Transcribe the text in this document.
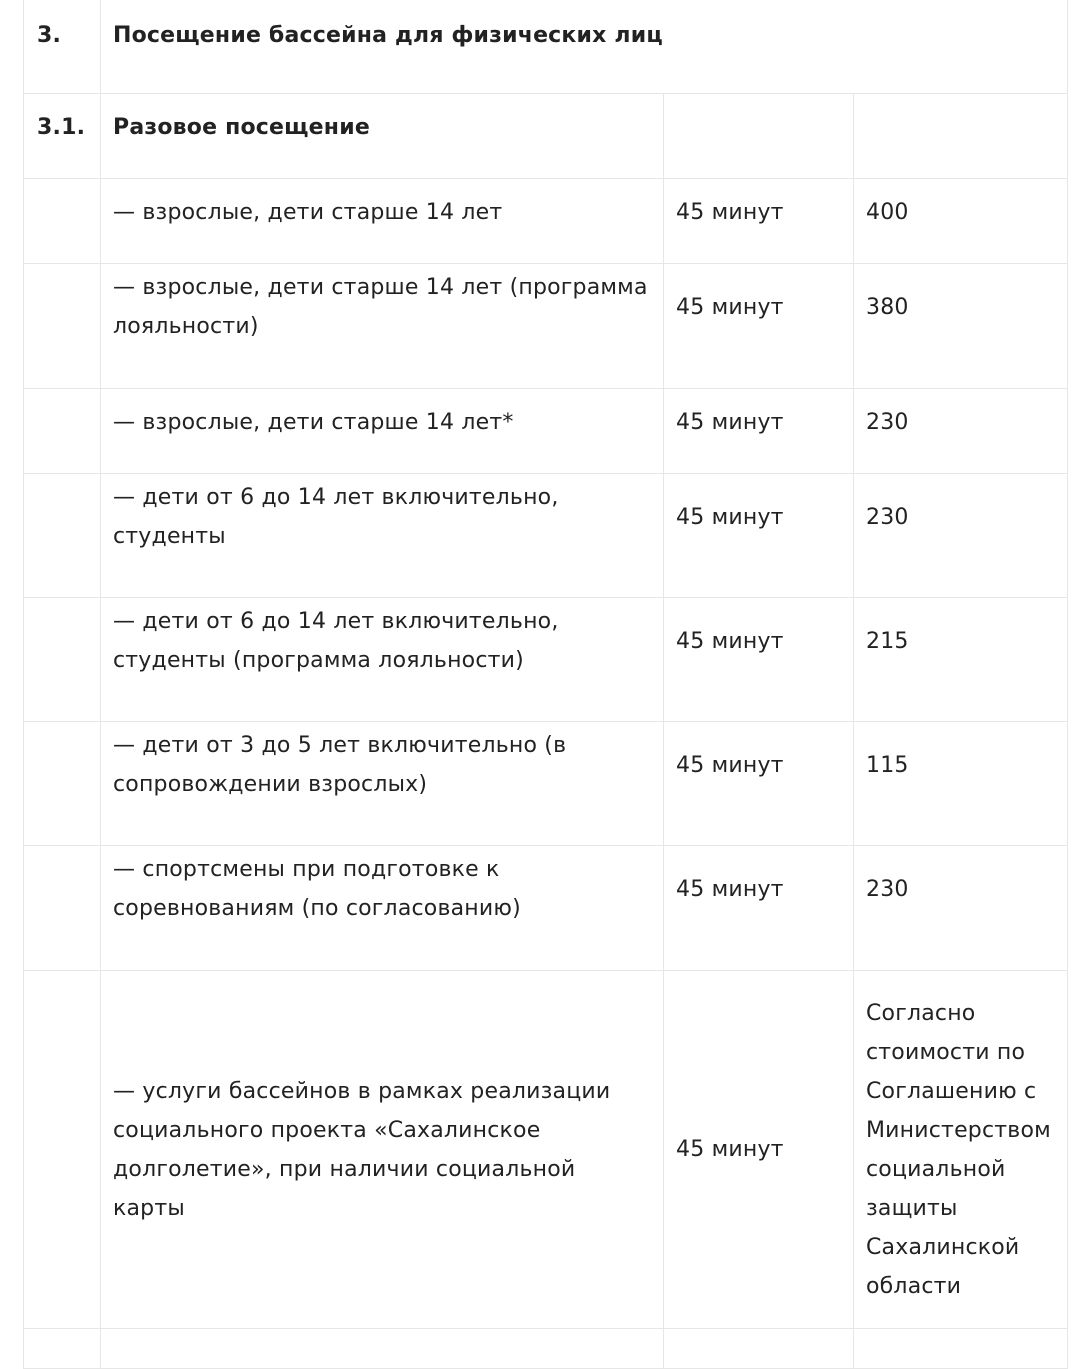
3.	Посещение бассейна для физических лиц		
3.1.	Разовое посещение		
	— взрослые, дети старше 14 лет	45 минут	400
	— взрослые, дети старше 14 лет (программа лояльности)	45 минут	380
	— взрослые, дети старше 14 лет*	45 минут	230
	— дети от 6 до 14 лет включительно, студенты	45 минут	230
	— дети от 6 до 14 лет включительно, студенты (программа лояльности)	45 минут	215
	— дети от 3 до 5 лет включительно (в сопровождении взрослых)	45 минут	115
	— спортсмены при подготовке к соревнованиям (по согласованию)	45 минут	230
	— услуги бассейнов в рамках реализации социального проекта «Сахалинское долголетие», при наличии социальной карты	45 минут	Согласно стоимости по Соглашению с Министерством социальной защиты Сахалинской области
